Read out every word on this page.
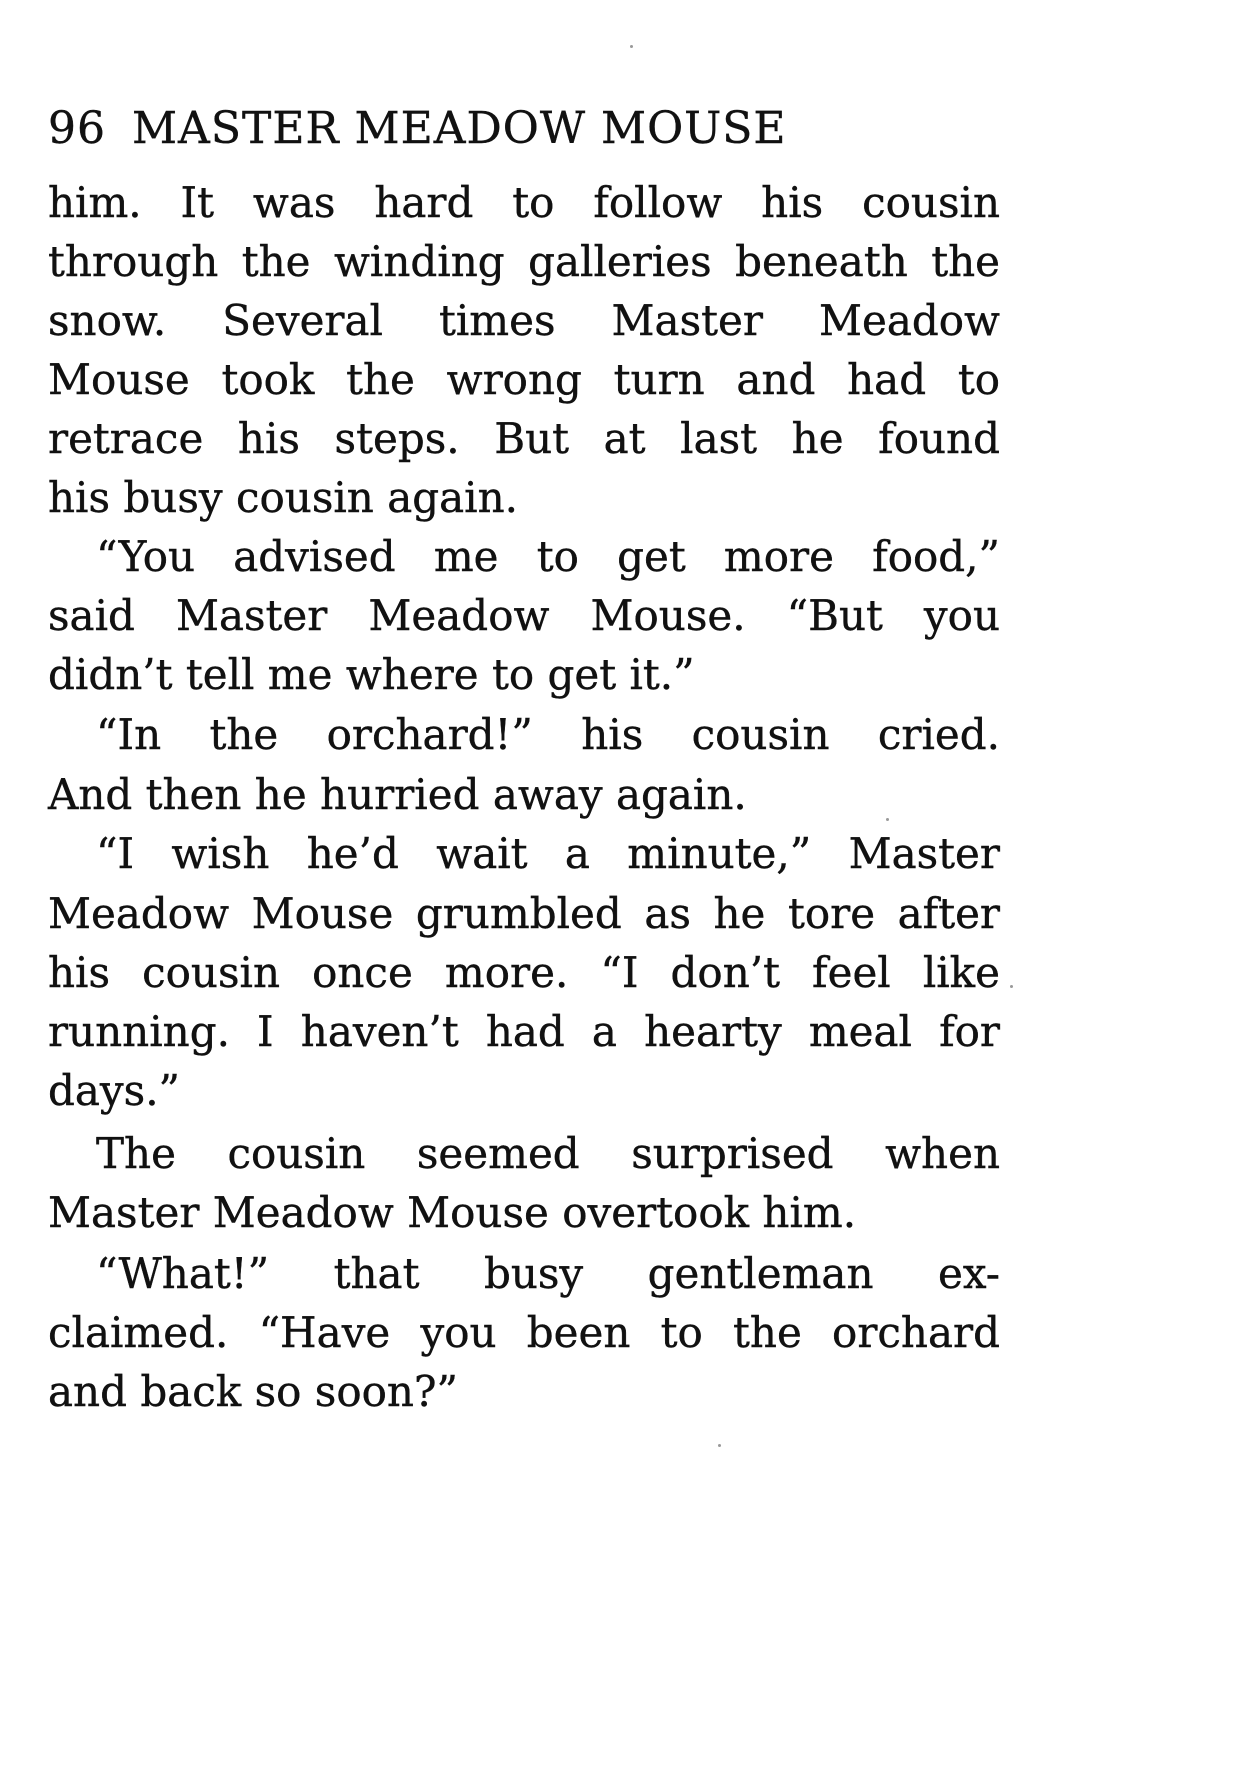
96 MASTER MEADOW MOUSE
him. It was hard to follow his cousin
through the winding galleries beneath the
snow. Several times Master Meadow
Mouse took the wrong turn and had to
retrace his steps. But at last he found
his busy cousin again.
“You advised me to get more food,”
said Master Meadow Mouse. “But you
didn’t tell me where to get it.”
“In the orchard!” his cousin cried.
And then he hurried away again.
“I wish he’d wait a minute,” Master
Meadow Mouse grumbled as he tore after
his cousin once more. “I don’t feel like
running. I haven’t had a hearty meal for
days.”
The cousin seemed surprised when
Master Meadow Mouse overtook him.
“What!” that busy gentleman ex-
claimed. “Have you been to the orchard
and back so soon?”
